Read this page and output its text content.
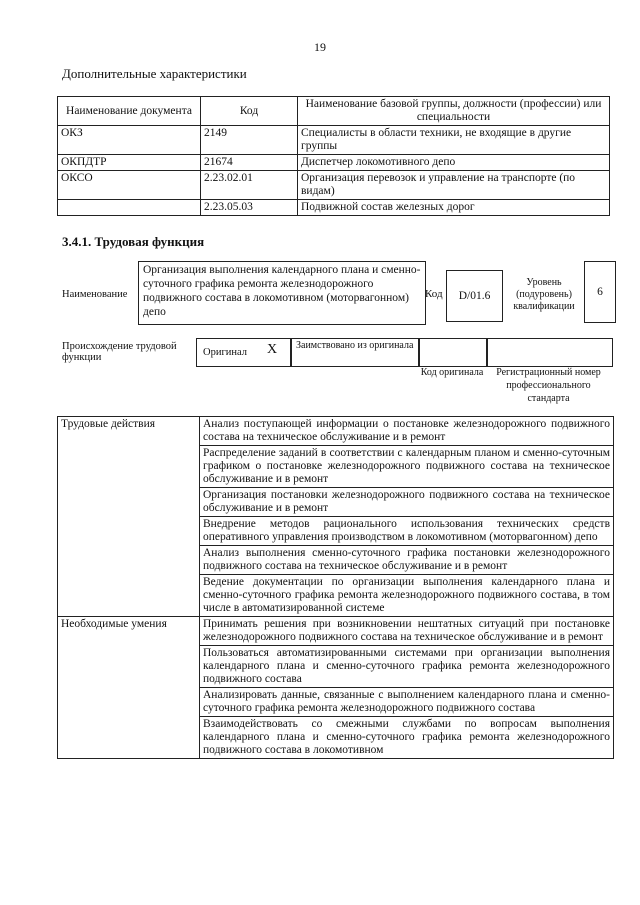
19
Дополнительные характеристики
Наименование документа	Код	Наименование базовой группы, должности (профессии) или специальности
ОКЗ	2149	Специалисты в области техники, не входящие в другие группы
ОКПДТР	21674	Диспетчер локомотивного депо
ОКСО	2.23.02.01	Организация перевозок и управление на транспорте (по видам)
	2.23.05.03	Подвижной состав железных дорог
3.4.1. Трудовая функция
Наименование
Организация выполнения календарного плана и сменно-суточного графика ремонта железнодорожного подвижного состава в локомотивном (моторвагонном) депо
Код	D/01.6
Уровень (подуровень) квалификации
6
Происхождение трудовой функции	Оригинал X Заимствовано из оригинала
Код оригинала	Регистрационный номер профессионального стандарта
Трудовые действия	Анализ поступающей информации о постановке железнодорожного подвижного состава на техническое обслуживание и в ремонт
	Распределение заданий в соответствии с календарным планом и сменно-суточным графиком о постановке железнодорожного подвижного состава на техническое обслуживание и в ремонт
	Организация постановки железнодорожного подвижного состава на техническое обслуживание и в ремонт
	Внедрение методов рационального использования технических средств оперативного управления производством в локомотивном (моторвагонном) депо
	Анализ выполнения сменно-суточного графика постановки железнодорожного подвижного состава на техническое обслуживание и в ремонт
	Ведение документации по организации выполнения календарного плана и сменно-суточного графика ремонта железнодорожного подвижного состава, в том числе в автоматизированной системе
Необходимые умения	Принимать решения при возникновении нештатных ситуаций при постановке железнодорожного подвижного состава на техническое обслуживание и в ремонт
	Пользоваться автоматизированными системами при организации выполнения календарного плана и сменно-суточного графика ремонта железнодорожного подвижного состава
	Анализировать данные, связанные с выполнением календарного плана и сменно-суточного графика ремонта железнодорожного подвижного состава
	Взаимодействовать со смежными службами по вопросам выполнения календарного плана и сменно-суточного графика ремонта железнодорожного подвижного состава в локомотивном
